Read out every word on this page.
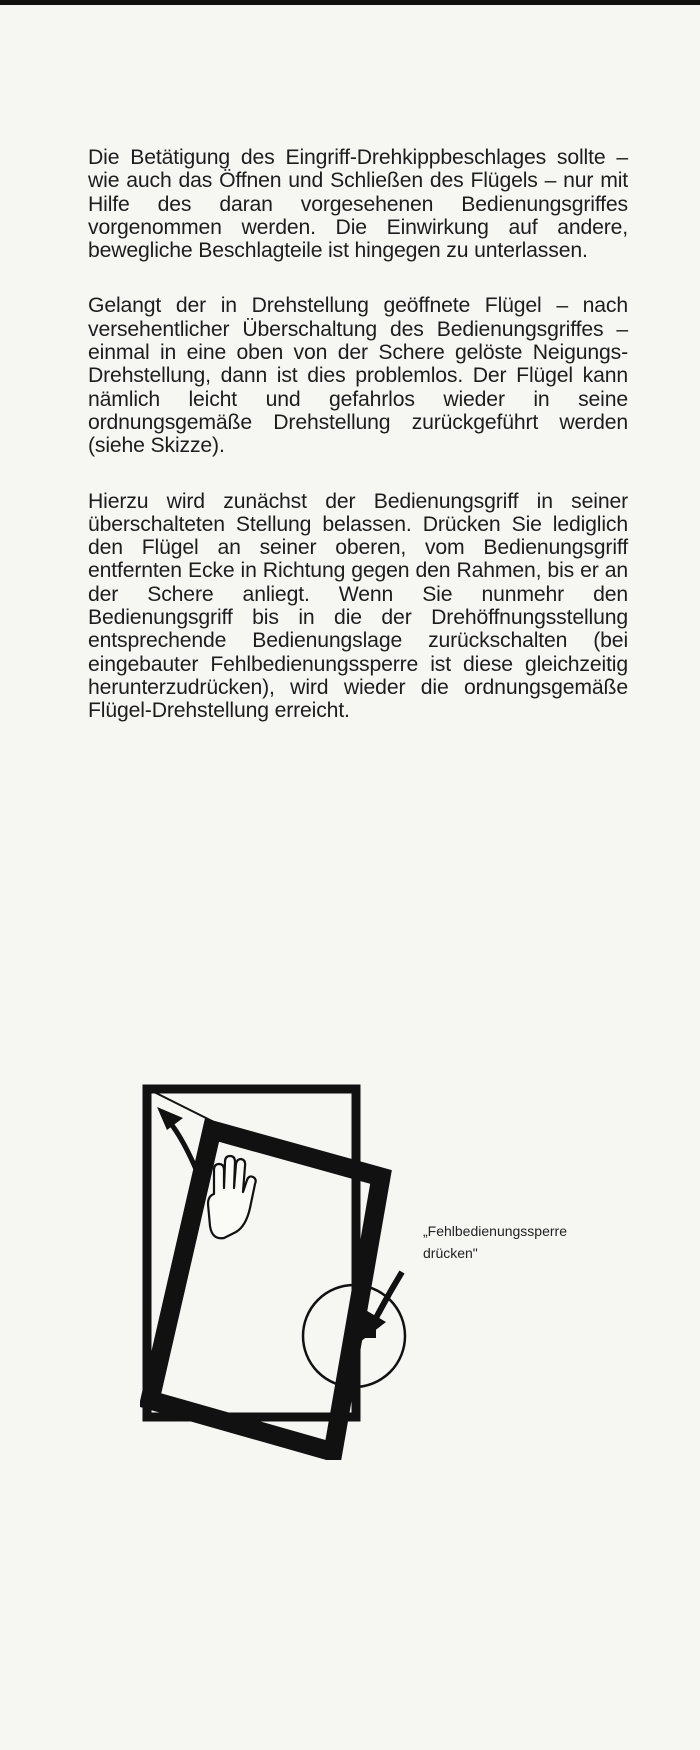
Die Betätigung des Eingriff-Drehkippbeschlages sollte – wie auch das Öffnen und Schließen des Flügels – nur mit Hilfe des daran vorgesehenen Bedienungsgriffes vorgenommen werden. Die Einwirkung auf andere, bewegliche Beschlagteile ist hingegen zu unterlassen.

Gelangt der in Drehstellung geöffnete Flügel – nach versehentlicher Überschaltung des Bedienungsgriffes – einmal in eine oben von der Schere gelöste Neigungs-Drehstellung, dann ist dies problemlos. Der Flügel kann nämlich leicht und gefahrlos wieder in seine ordnungsgemäße Drehstellung zurückgeführt werden (siehe Skizze).

Hierzu wird zunächst der Bedienungsgriff in seiner überschalteten Stellung belassen. Drücken Sie lediglich den Flügel an seiner oberen, vom Bedienungsgriff entfernten Ecke in Richtung gegen den Rahmen, bis er an der Schere anliegt. Wenn Sie nunmehr den Bedienungsgriff bis in die der Drehöffnungsstellung entsprechende Bedienungslage zurückschalten (bei eingebauter Fehlbedienungssperre ist diese gleichzeitig herunterzudrücken), wird wieder die ordnungsgemäße Flügel-Drehstellung erreicht.

„Fehlbedienungssperre
drücken"
